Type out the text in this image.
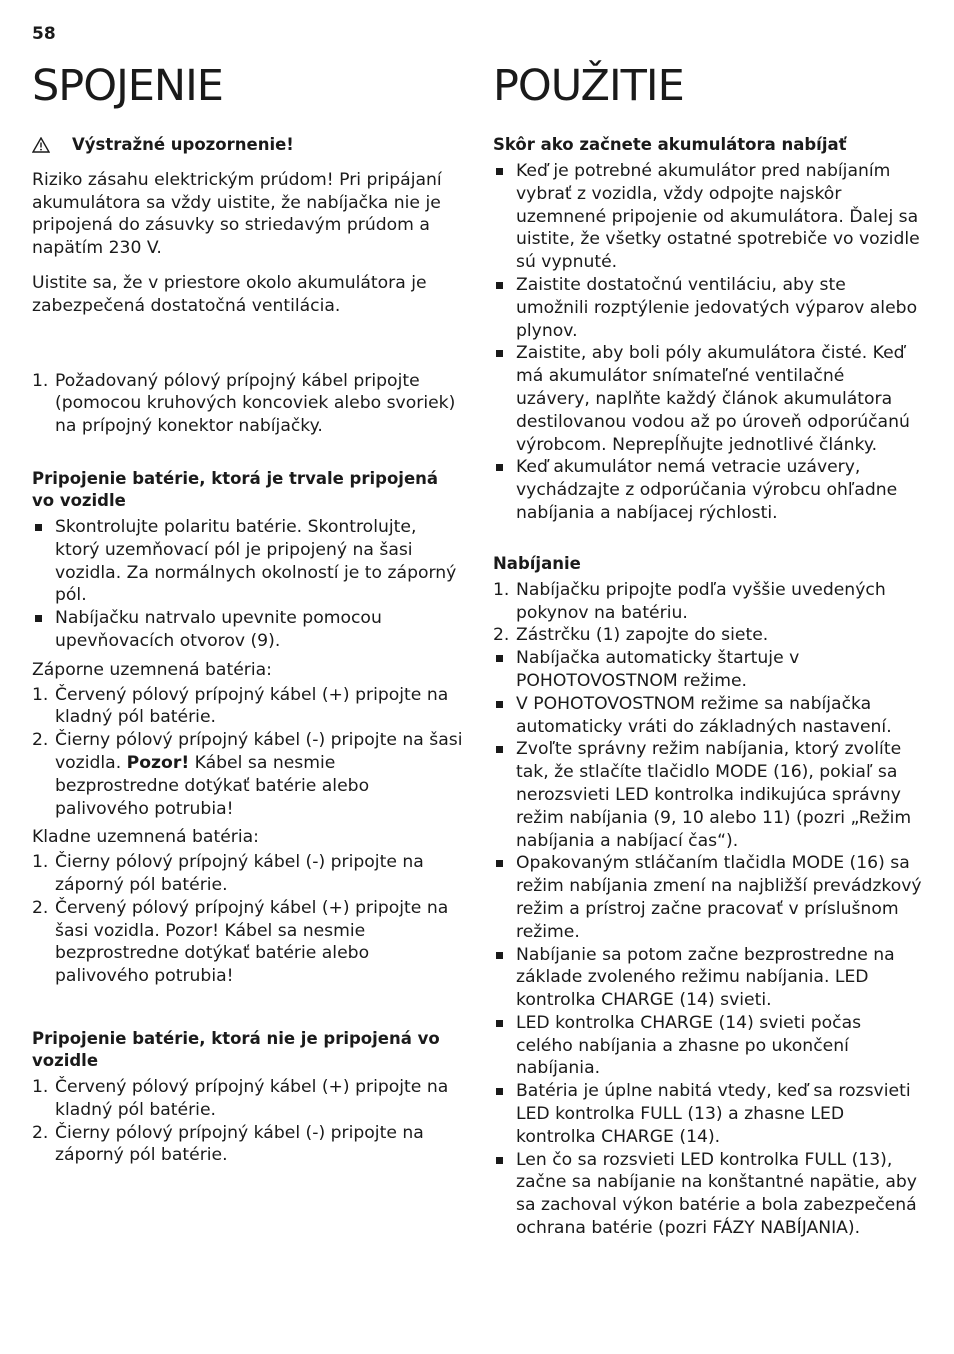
58
SPOJENIE
Výstražné upozornenie!

Riziko zásahu elektrickým prúdom! Pri pripájaní akumulátora sa vždy uistite, že nabíjačka nie je pripojená do zásuvky so striedavým prúdom a napätím 230 V.

Uistite sa, že v priestore okolo akumulátora je zabezpečená dostatočná ventilácia.

1. Požadovaný pólový prípojný kábel pripojte (pomocou kruhových koncoviek alebo svoriek) na prípojný konektor nabíjačky.
Pripojenie batérie, ktorá je trvale pripojená vo vozidle
Skontrolujte polaritu batérie. Skontrolujte, ktorý uzemňovací pól je pripojený na šasi vozidla. Za normálnych okolností je to záporný pól.
Nabíjačku natrvalo upevnite pomocou upevňovacích otvorov (9).
Záporne uzemnená batéria:
1. Červený pólový prípojný kábel (+) pripojte na kladný pól batérie.
2. Čierny pólový prípojný kábel (-) pripojte na šasi vozidla. Pozor! Kábel sa nesmie bezprostredne dotýkať batérie alebo palivového potrubia!
Kladne uzemnená batéria:
1. Čierny pólový prípojný kábel (-) pripojte na záporný pól batérie.
2. Červený pólový prípojný kábel (+) pripojte na šasi vozidla. Pozor! Kábel sa nesmie bezprostredne dotýkať batérie alebo palivového potrubia!
Pripojenie batérie, ktorá nie je pripojená vo vozidle
1. Červený pólový prípojný kábel (+) pripojte na kladný pól batérie.
2. Čierny pólový prípojný kábel (-) pripojte na záporný pól batérie.
POUŽITIE
Skôr ako začnete akumulátora nabíjať
Keď je potrebné akumulátor pred nabíjaním vybrať z vozidla, vždy odpojte najskôr uzemnené pripojenie od akumulátora. Ďalej sa uistite, že všetky ostatné spotrebiče vo vozidle sú vypnuté.
Zaistite dostatočnú ventiláciu, aby ste umožnili rozptýlenie jedovatých výparov alebo plynov.
Zaistite, aby boli póly akumulátora čisté. Keď má akumulátor snímateľné ventilačné uzávery, naplňte každý článok akumulátora destilovanou vodou až po úroveň odporúčanú výrobcom. Neprepĺňujte jednotlivé články.
Keď akumulátor nemá vetracie uzávery, vychádzajte z odporúčania výrobcu ohľadne nabíjania a nabíjacej rýchlosti.
Nabíjanie
1. Nabíjačku pripojte podľa vyššie uvedených pokynov na batériu.
2. Zástrčku (1) zapojte do siete.
Nabíjačka automaticky štartuje v POHOTOVOSTNOM režime.
V POHOTOVOSTNOM režime sa nabíjačka automaticky vráti do základných nastavení.
Zvoľte správny režim nabíjania, ktorý zvolíte tak, že stlačíte tlačidlo MODE (16), pokiaľ sa nerozsvieti LED kontrolka indikujúca správny režim nabíjania (9, 10 alebo 11) (pozri „Režim nabíjania a nabíjací čas“).
Opakovaným stláčaním tlačidla MODE (16) sa režim nabíjania zmení na najbližší prevádzkový režim a prístroj začne pracovať v príslušnom režime.
Nabíjanie sa potom začne bezprostredne na základe zvoleného režimu nabíjania. LED kontrolka CHARGE (14) svieti.
LED kontrolka CHARGE (14) svieti počas celého nabíjania a zhasne po ukončení nabíjania.
Batéria je úplne nabitá vtedy, keď sa rozsvieti LED kontrolka FULL (13) a zhasne LED kontrolka CHARGE (14).
Len čo sa rozsvieti LED kontrolka FULL (13), začne sa nabíjanie na konštantné napätie, aby sa zachoval výkon batérie a bola zabezpečená ochrana batérie (pozri FÁZY NABÍJANIA).
